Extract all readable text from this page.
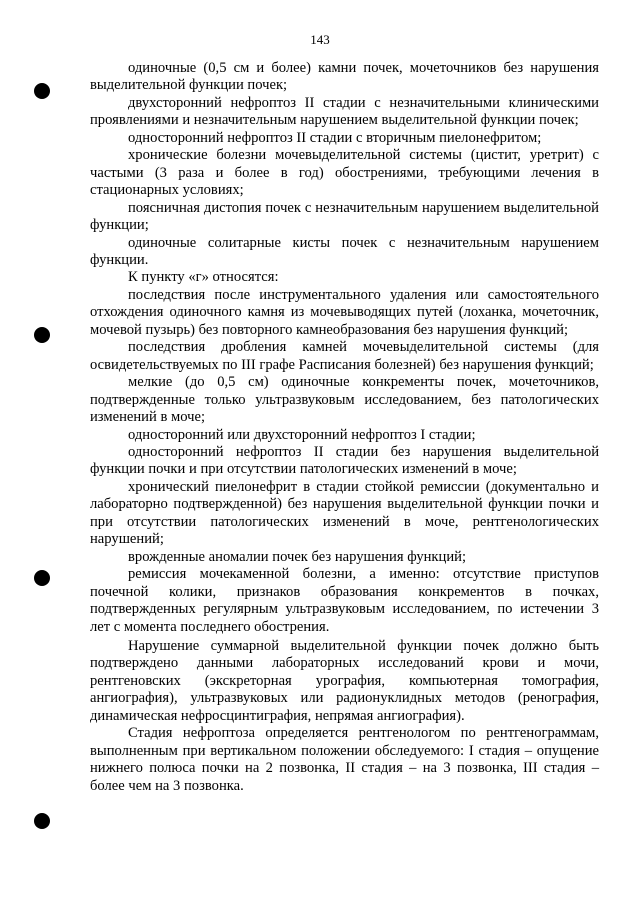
143

одиночные (0,5 см и более) камни почек, мочеточников без нарушения выделительной функции почек;

двухсторонний нефроптоз II стадии с незначительными клиническими проявлениями и незначительным нарушением выделительной функции почек;

односторонний нефроптоз II стадии с вторичным пиелонефритом;

хронические болезни мочевыделительной системы (цистит, уретрит) с частыми (3 раза и более в год) обострениями, требующими лечения в стационарных условиях;

поясничная дистопия почек с незначительным нарушением выделительной функции;

одиночные солитарные кисты почек с незначительным нарушением функции.

К пункту «г» относятся:

последствия после инструментального удаления или самостоятельного отхождения одиночного камня из мочевыводящих путей (лоханка, мочеточник, мочевой пузырь) без повторного камнеобразования без нарушения функций;

последствия дробления камней мочевыделительной системы (для освидетельствуемых по III графе Расписания болезней) без нарушения функций;

мелкие (до 0,5 см) одиночные конкременты почек, мочеточников, подтвержденные только ультразвуковым исследованием, без патологических изменений в моче;

односторонний или двухсторонний нефроптоз I стадии;

односторонний нефроптоз II стадии без нарушения выделительной функции почки и при отсутствии патологических изменений в моче;

хронический пиелонефрит в стадии стойкой ремиссии (документально и лабораторно подтвержденной) без нарушения выделительной функции почки и при отсутствии патологических изменений в моче, рентгенологических нарушений;

врожденные аномалии почек без нарушения функций;

ремиссия мочекаменной болезни, а именно: отсутствие приступов почечной колики, признаков образования конкрементов в почках, подтвержденных регулярным ультразвуковым исследованием, по истечении 3 лет с момента последнего обострения.

Нарушение суммарной выделительной функции почек должно быть подтверждено данными лабораторных исследований крови и мочи, рентгеновских (экскреторная урография, компьютерная томография, ангиография), ультразвуковых или радионуклидных методов (ренография, динамическая нефросцинтиграфия, непрямая ангиография).

Стадия нефроптоза определяется рентгенологом по рентгенограммам, выполненным при вертикальном положении обследуемого: I стадия – опущение нижнего полюса почки на 2 позвонка, II стадия – на 3 позвонка, III стадия – более чем на 3 позвонка.
